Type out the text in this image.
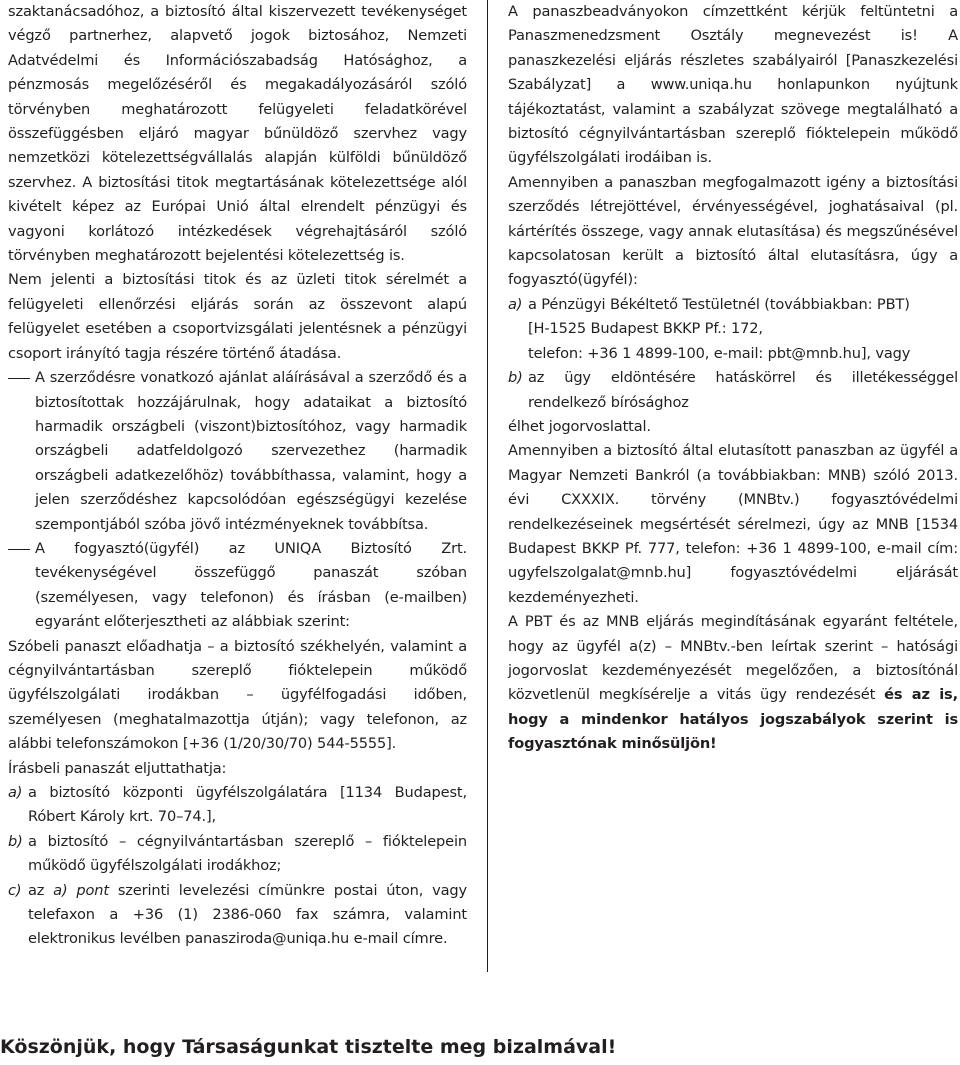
szaktanácsadóhoz, a biztosító által kiszervezett tevékenységet végző partnerhez, alapvető jogok biztosához, Nemzeti Adatvédelmi és Információszabadság Hatósághoz, a pénzmosás megelőzéséről és megakadályozásáról szóló törvényben meghatározott felügyeleti feladatkörével összefüggésben eljáró magyar bűnüldöző szervhez vagy nemzetközi kötelezettségvállalás alapján külföldi bűnüldöző szervhez. A biztosítási titok megtartásának kötelezettsége alól kivételt képez az Európai Unió által elrendelt pénzügyi és vagyoni korlátozó intézkedések végrehajtásáról szóló törvényben meghatározott bejelentési kötelezettség is.

Nem jelenti a biztosítási titok és az üzleti titok sérelmét a felügyeleti ellenőrzési eljárás során az összevont alapú felügyelet esetében a csoportvizsgálati jelentésnek a pénzügyi csoport irányító tagja részére történő átadása.

A szerződésre vonatkozó ajánlat aláírásával a szerződő és a biztosítottak hozzájárulnak, hogy adataikat a biztosító harmadik országbeli (viszont)biztosítóhoz, vagy harmadik országbeli adatfeldolgozó szervezethez (harmadik országbeli adatkezelőhöz) továbbíthassa, valamint, hogy a jelen szerződéshez kapcsolódóan egészségügyi kezelése szempontjából szóba jövő intézményeknek továbbítsa.

A fogyasztó(ügyfél) az UNIQA Biztosító Zrt. tevékenységével összefüggő panaszát szóban (személyesen, vagy telefonon) és írásban (e-mailben) egyaránt előterjesztheti az alábbiak szerint:

Szóbeli panaszt előadhatja – a biztosító székhelyén, valamint a cégnyilvántartásban szereplő fióktelepein működő ügyfélszolgálati irodákban – ügyfélfogadási időben, személyesen (meghatalmazottja útján); vagy telefonon, az alábbi telefonszámokon [+36 (1/20/30/70) 544-5555].

Írásbeli panaszát eljuttathatja:

a) a biztosító központi ügyfélszolgálatára [1134 Budapest, Róbert Károly krt. 70–74.],

b) a biztosító – cégnyilvántartásban szereplő – fióktelepein működő ügyfélszolgálati irodákhoz;

c) az a) pont szerinti levelezési címünkre postai úton, vagy telefaxon a +36 (1) 2386-060 fax számra, valamint elektronikus levélben panasziroda@uniqa.hu e-mail címre.

A panaszbeadványokon címzettként kérjük feltüntetni a Panaszmenedzsment Osztály megnevezést is! A panaszkezelési eljárás részletes szabályairól [Panaszkezelési Szabályzat] a www.uniqa.hu honlapunkon nyújtunk tájékoztatást, valamint a szabályzat szövege megtalálható a biztosító cégnyilvántartásban szereplő fióktelepein működő ügyfélszolgálati irodáiban is.

Amennyiben a panaszban megfogalmazott igény a biztosítási szerződés létrejöttével, érvényességével, joghatásaival (pl. kártérítés összege, vagy annak elutasítása) és megszűnésével kapcsolatosan került a biztosító által elutasításra, úgy a fogyasztó(ügyfél):

a) a Pénzügyi Békéltető Testületnél (továbbiakban: PBT)
[H-1525 Budapest BKKP Pf.: 172,
telefon: +36 1 4899-100, e-mail: pbt@mnb.hu], vagy

b) az ügy eldöntésére hatáskörrel és illetékességgel rendelkező bírósághoz

élhet jogorvoslattal.

Amennyiben a biztosító által elutasított panaszban az ügyfél a Magyar Nemzeti Bankról (a továbbiakban: MNB) szóló 2013. évi CXXXIX. törvény (MNBtv.) fogyasztóvédelmi rendelkezéseinek megsértését sérelmezi, úgy az MNB [1534 Budapest BKKP Pf. 777, telefon: +36 1 4899-100, e-mail cím: ugyfelszolgalat@mnb.hu] fogyasztóvédelmi eljárását kezdeményezheti.

A PBT és az MNB eljárás megindításának egyaránt feltétele, hogy az ügyfél a(z) – MNBtv.-ben leírtak szerint – hatósági jogorvoslat kezdeményezését megelőzően, a biztosítónál közvetlenül megkísérelje a vitás ügy rendezését és az is, hogy a mindenkor hatályos jogszabályok szerint is fogyasztónak minősüljön!

Köszönjük, hogy Társaságunkat tisztelte meg bizalmával!
